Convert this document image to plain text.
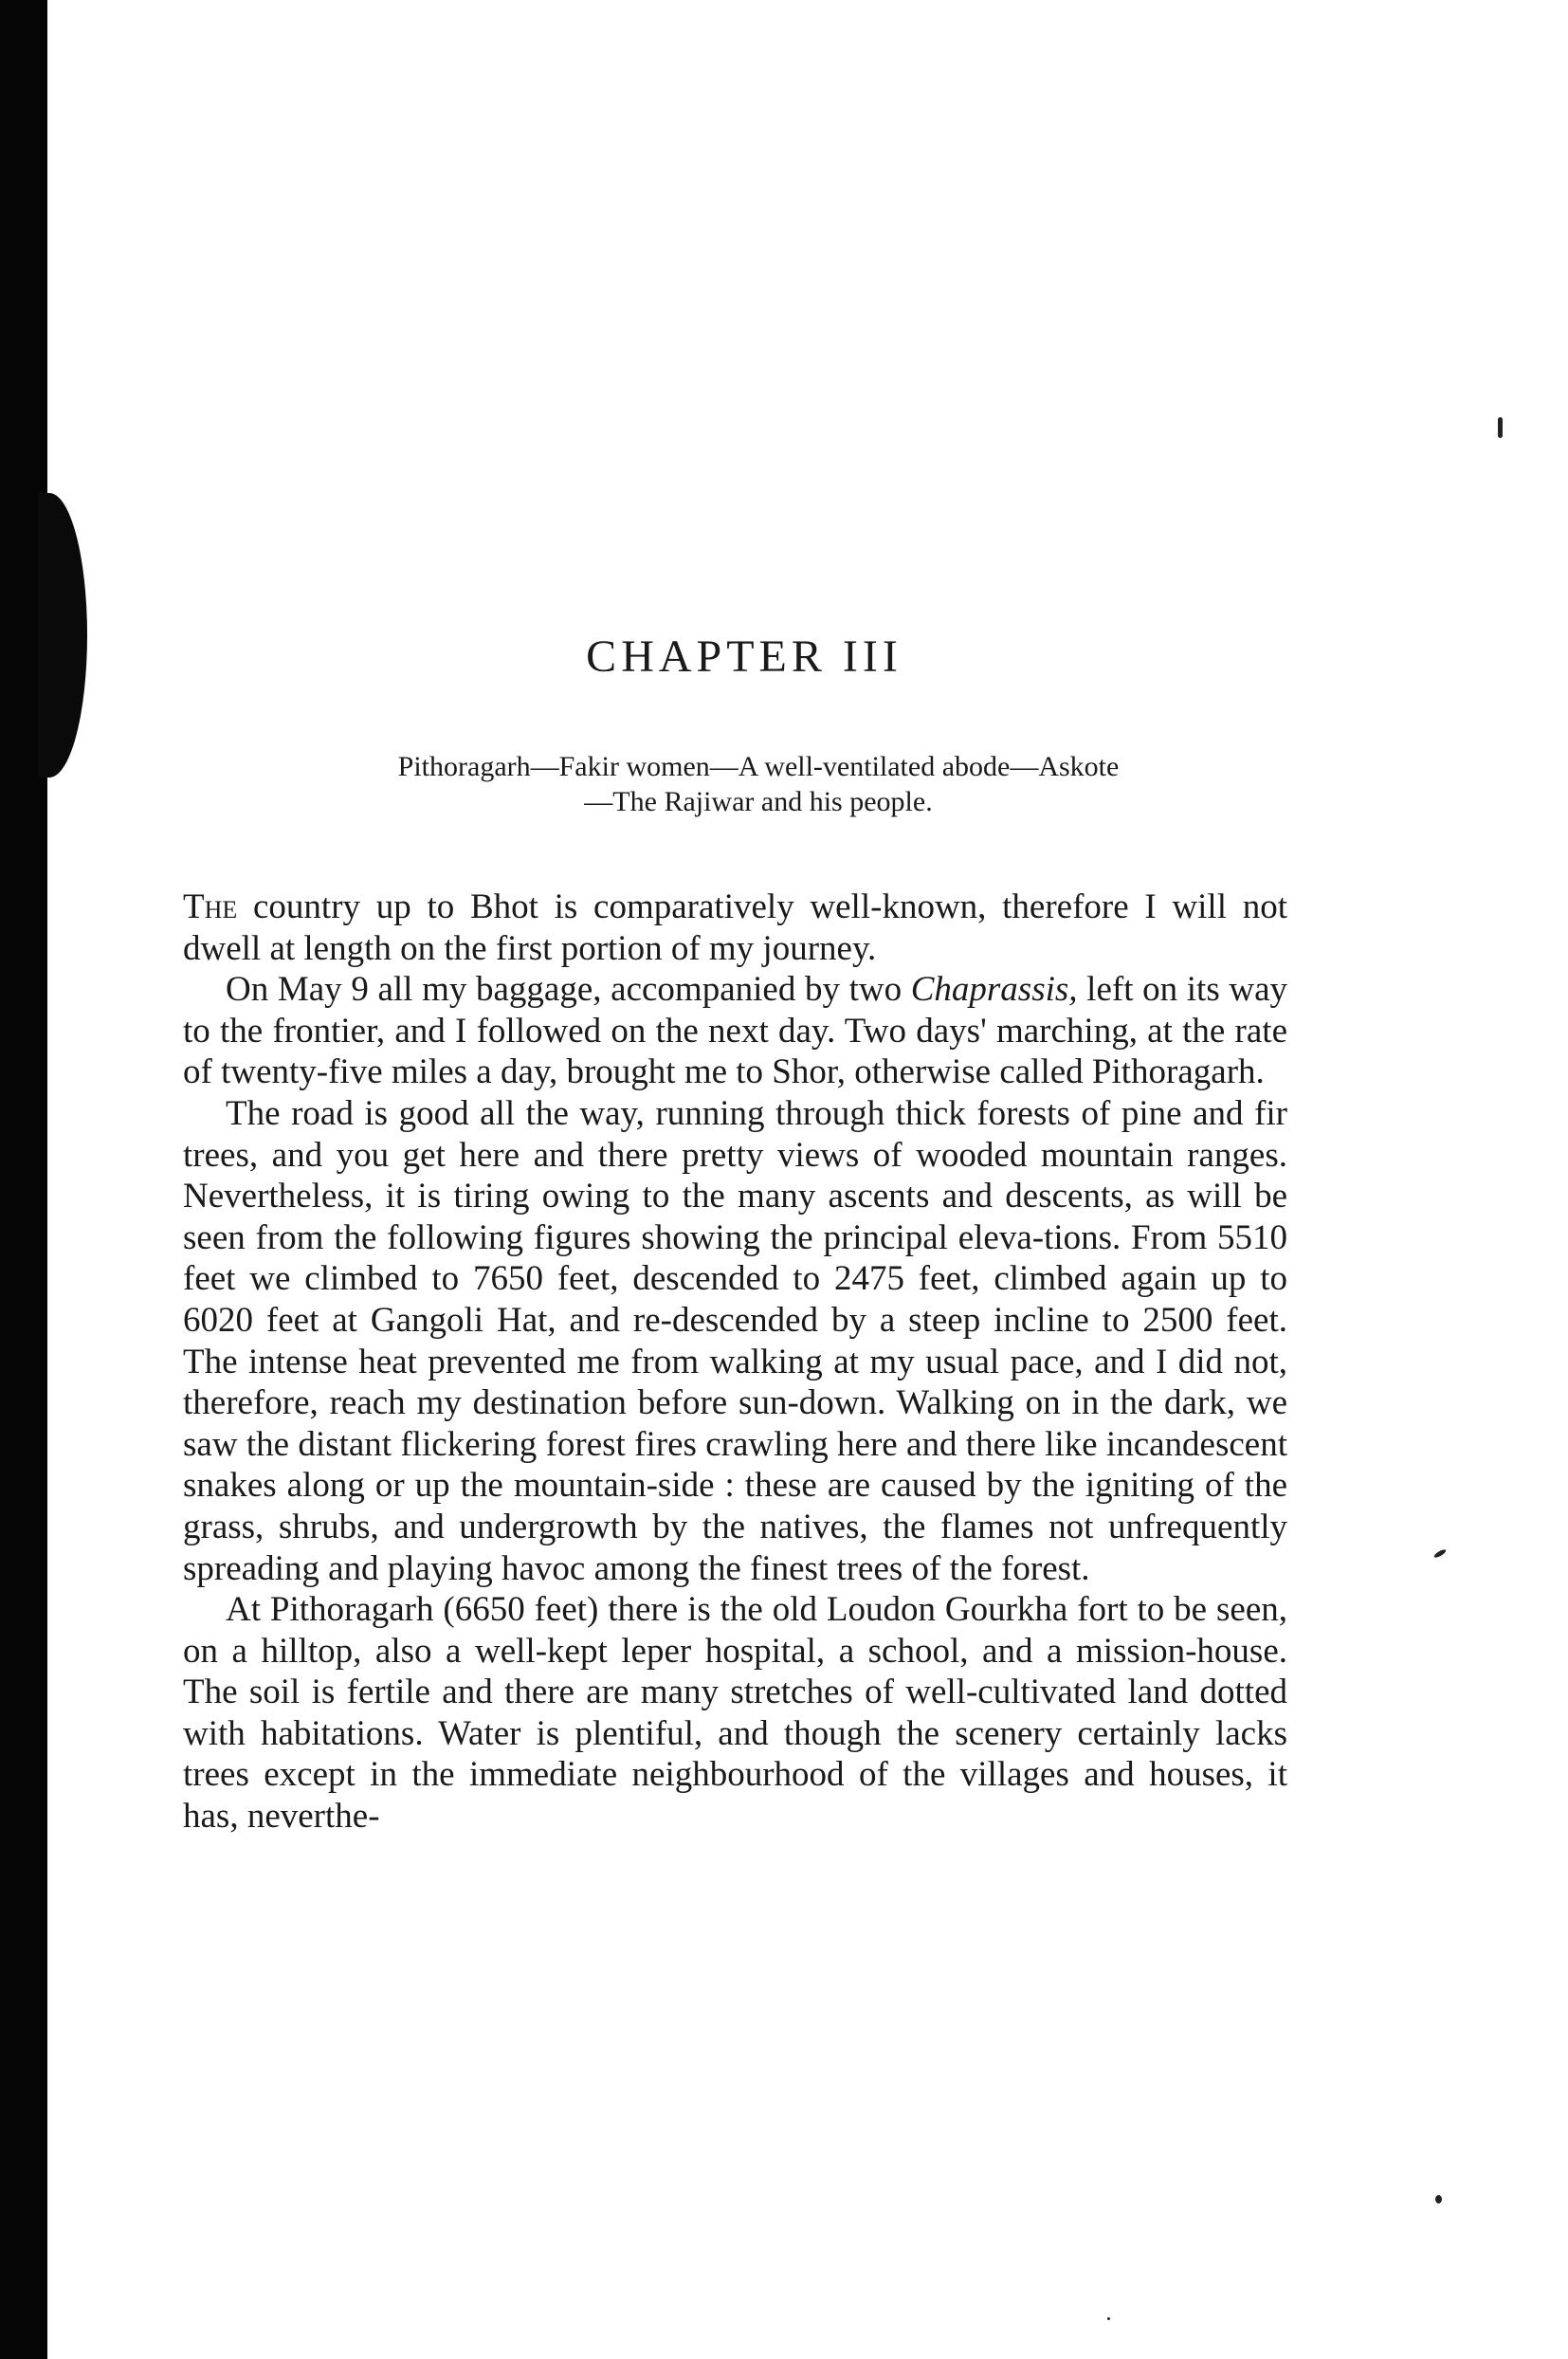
CHAPTER III
Pithoragarh—Fakir women—A well-ventilated abode—Askote
—The Rajiwar and his people.

The country up to Bhot is comparatively well-known, therefore I will not dwell at length on the first portion of my journey.

On May 9 all my baggage, accompanied by two Chaprassis, left on its way to the frontier, and I followed on the next day. Two days' marching, at the rate of twenty-five miles a day, brought me to Shor, otherwise called Pithoragarh.

The road is good all the way, running through thick forests of pine and fir trees, and you get here and there pretty views of wooded mountain ranges. Nevertheless, it is tiring owing to the many ascents and descents, as will be seen from the following figures showing the principal eleva-tions. From 5510 feet we climbed to 7650 feet, descended to 2475 feet, climbed again up to 6020 feet at Gangoli Hat, and re-descended by a steep incline to 2500 feet. The intense heat prevented me from walking at my usual pace, and I did not, therefore, reach my destination before sun-down. Walking on in the dark, we saw the distant flickering forest fires crawling here and there like incandescent snakes along or up the mountain-side : these are caused by the igniting of the grass, shrubs, and undergrowth by the natives, the flames not unfrequently spreading and playing havoc among the finest trees of the forest.

At Pithoragarh (6650 feet) there is the old Loudon Gourkha fort to be seen, on a hilltop, also a well-kept leper hospital, a school, and a mission-house. The soil is fertile and there are many stretches of well-cultivated land dotted with habitations. Water is plentiful, and though the scenery certainly lacks trees except in the immediate neighbourhood of the villages and houses, it has, neverthe-
